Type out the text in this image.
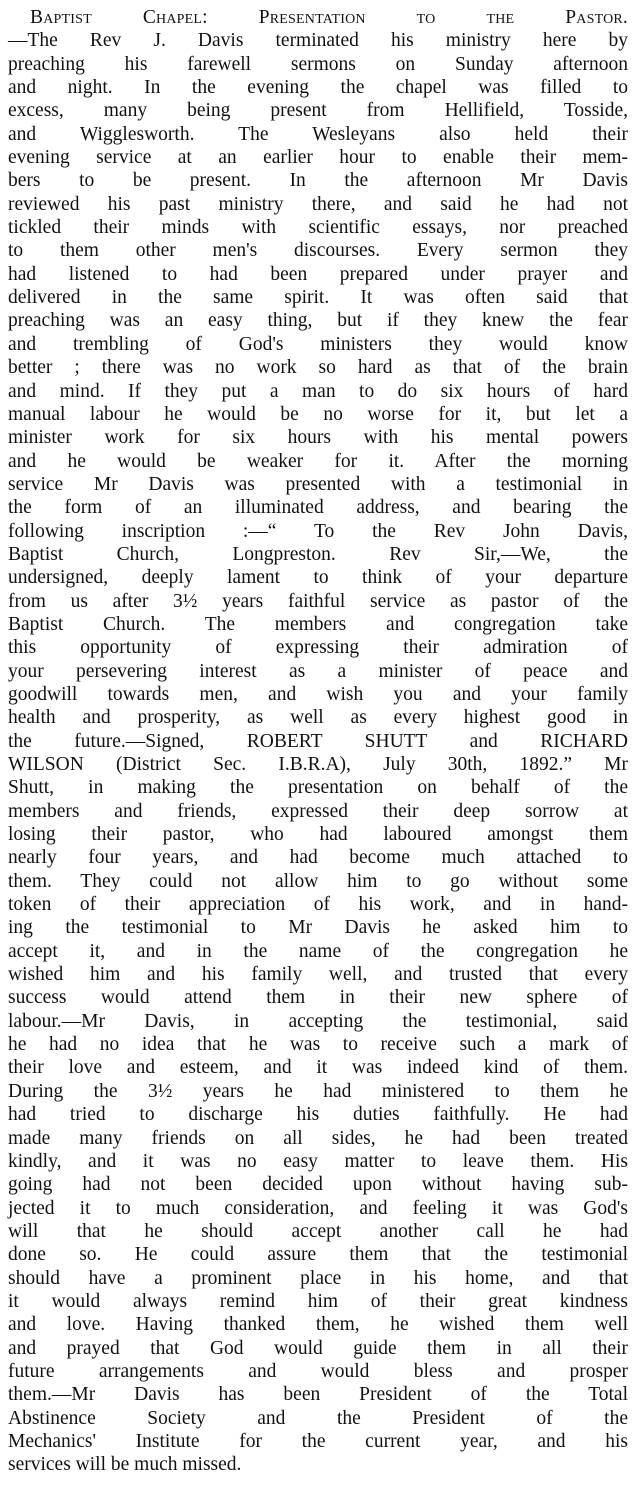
Baptist Chapel: Presentation to the Pastor.
—The Rev J. Davis terminated his ministry here by
preaching his farewell sermons on Sunday afternoon
and night. In the evening the chapel was filled to
excess, many being present from Hellifield, Tosside,
and Wigglesworth. The Wesleyans also held their
evening service at an earlier hour to enable their mem-
bers to be present. In the afternoon Mr Davis
reviewed his past ministry there, and said he had not
tickled their minds with scientific essays, nor preached
to them other men's discourses. Every sermon they
had listened to had been prepared under prayer and
delivered in the same spirit. It was often said that
preaching was an easy thing, but if they knew the fear
and trembling of God's ministers they would know
better ; there was no work so hard as that of the brain
and mind. If they put a man to do six hours of hard
manual labour he would be no worse for it, but let a
minister work for six hours with his mental powers
and he would be weaker for it. After the morning
service Mr Davis was presented with a testimonial in
the form of an illuminated address, and bearing the
following inscription :—“ To the Rev John Davis,
Baptist Church, Longpreston. Rev Sir,—We, the
undersigned, deeply lament to think of your departure
from us after 3½ years faithful service as pastor of the
Baptist Church. The members and congregation take
this opportunity of expressing their admiration of
your persevering interest as a minister of peace and
goodwill towards men, and wish you and your family
health and prosperity, as well as every highest good in
the future.—Signed, ROBERT SHUTT and RICHARD
WILSON (District Sec. I.B.R.A), July 30th, 1892.” Mr
Shutt, in making the presentation on behalf of the
members and friends, expressed their deep sorrow at
losing their pastor, who had laboured amongst them
nearly four years, and had become much attached to
them. They could not allow him to go without some
token of their appreciation of his work, and in hand-
ing the testimonial to Mr Davis he asked him to
accept it, and in the name of the congregation he
wished him and his family well, and trusted that every
success would attend them in their new sphere of
labour.—Mr Davis, in accepting the testimonial, said
he had no idea that he was to receive such a mark of
their love and esteem, and it was indeed kind of them.
During the 3½ years he had ministered to them he
had tried to discharge his duties faithfully. He had
made many friends on all sides, he had been treated
kindly, and it was no easy matter to leave them. His
going had not been decided upon without having sub-
jected it to much consideration, and feeling it was God's
will that he should accept another call he had
done so. He could assure them that the testimonial
should have a prominent place in his home, and that
it would always remind him of their great kindness
and love. Having thanked them, he wished them well
and prayed that God would guide them in all their
future arrangements and would bless and prosper
them.—Mr Davis has been President of the Total
Abstinence Society and the President of the
Mechanics' Institute for the current year, and his
services will be much missed.
